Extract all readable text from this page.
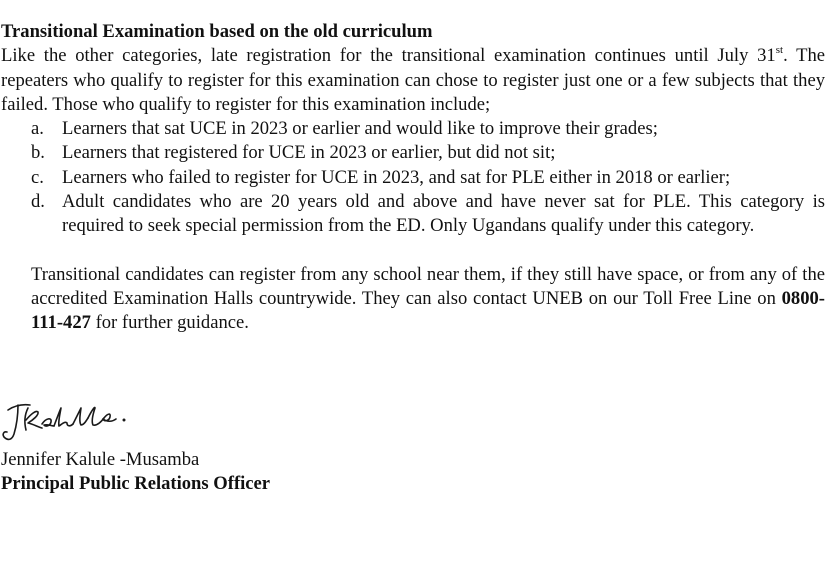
Transitional Examination based on the old curriculum

Like the other categories, late registration for the transitional examination continues until July 31st. The repeaters who qualify to register for this examination can chose to register just one or a few subjects that they failed. Those who qualify to register for this examination include;

a. Learners that sat UCE in 2023 or earlier and would like to improve their grades;
b. Learners that registered for UCE in 2023 or earlier, but did not sit;
c. Learners who failed to register for UCE in 2023, and sat for PLE either in 2018 or earlier;
d. Adult candidates who are 20 years old and above and have never sat for PLE. This category is required to seek special permission from the ED. Only Ugandans qualify under this category.

Transitional candidates can register from any school near them, if they still have space, or from any of the accredited Examination Halls countrywide. They can also contact UNEB on our Toll Free Line on 0800-111-427 for further guidance.

Jennifer Kalule -Musamba

Principal Public Relations Officer
